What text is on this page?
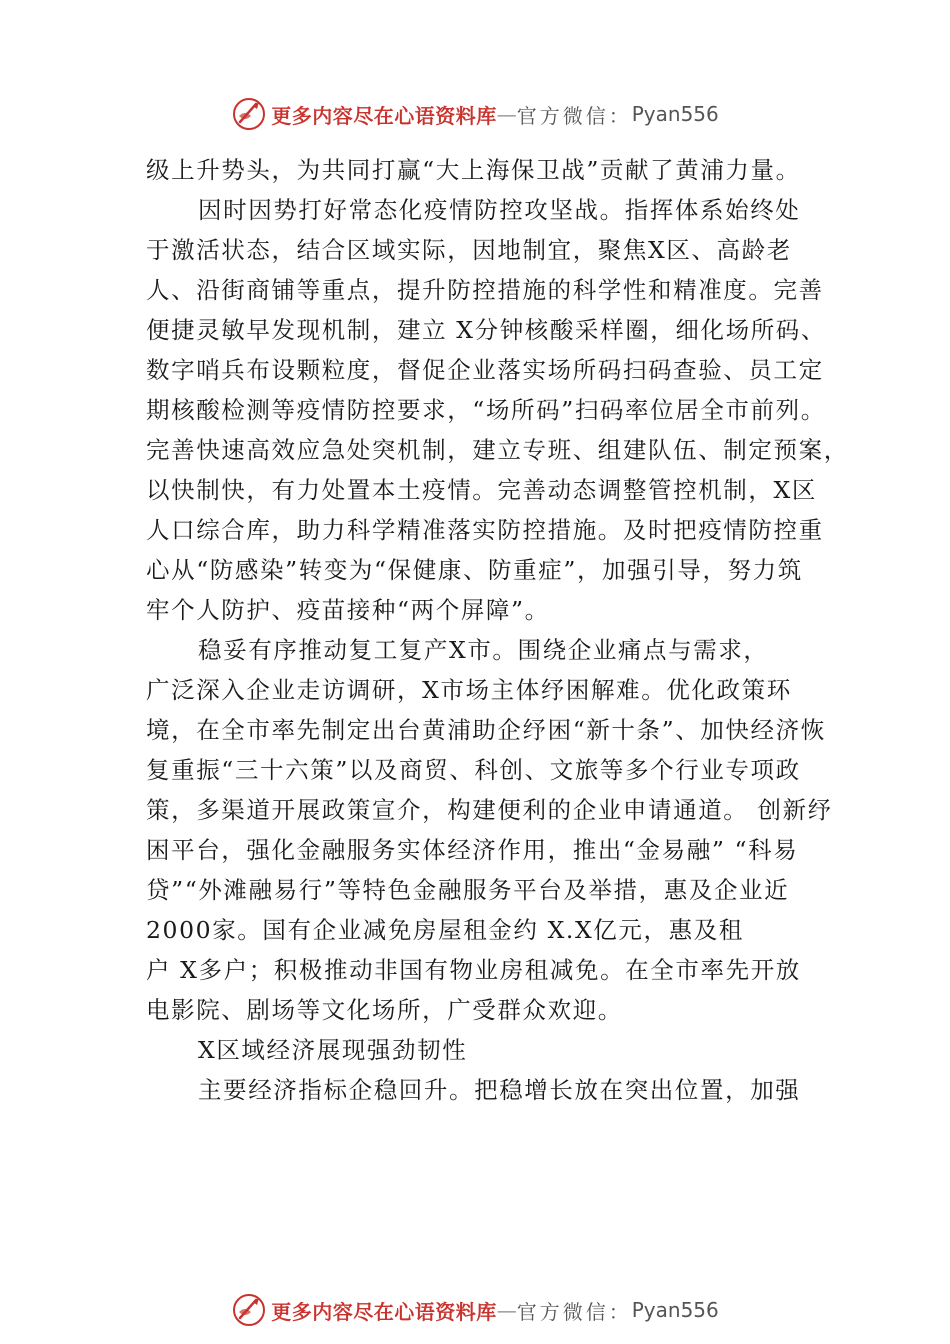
更多内容尽在心语资料库 — 官方微信： Pyan556
级上升势头，为共同打赢“大上海保卫战”贡献了黄浦力量。
因时因势打好常态化疫情防控攻坚战。指挥体系始终处
于激活状态，结合区域实际，因地制宜，聚焦X区、高龄老
人、沿街商铺等重点，提升防控措施的科学性和精准度。完善
便捷灵敏早发现机制，建立 X分钟核酸采样圈，细化场所码、
数字哨兵布设颗粒度，督促企业落实场所码扫码查验、员工定
期核酸检测等疫情防控要求，“场所码”扫码率位居全市前列。
完善快速高效应急处突机制，建立专班、组建队伍、制定预案，
以快制快，有力处置本土疫情。完善动态调整管控机制，X区
人口综合库，助力科学精准落实防控措施。及时把疫情防控重
心从“防感染”转变为“保健康、防重症”，加强引导，努力筑
牢个人防护、疫苗接种“两个屏障”。
稳妥有序推动复工复产X市。围绕企业痛点与需求，
广泛深入企业走访调研，X市场主体纾困解难。优化政策环
境，在全市率先制定出台黄浦助企纾困“新十条”、加快经济恢
复重振“三十六策”以及商贸、科创、文旅等多个行业专项政
策，多渠道开展政策宣介，构建便利的企业申请通道。 创新纾
困平台，强化金融服务实体经济作用，推出“金易融” “科易
贷”“外滩融易行”等特色金融服务平台及举措，惠及企业近
2000家。国有企业减免房屋租金约 X.X亿元，惠及租
户 X多户；积极推动非国有物业房租减免。在全市率先开放
电影院、剧场等文化场所，广受群众欢迎。
X区域经济展现强劲韧性
主要经济指标企稳回升。把稳增长放在突出位置，加强
更多内容尽在心语资料库 — 官方微信： Pyan556
